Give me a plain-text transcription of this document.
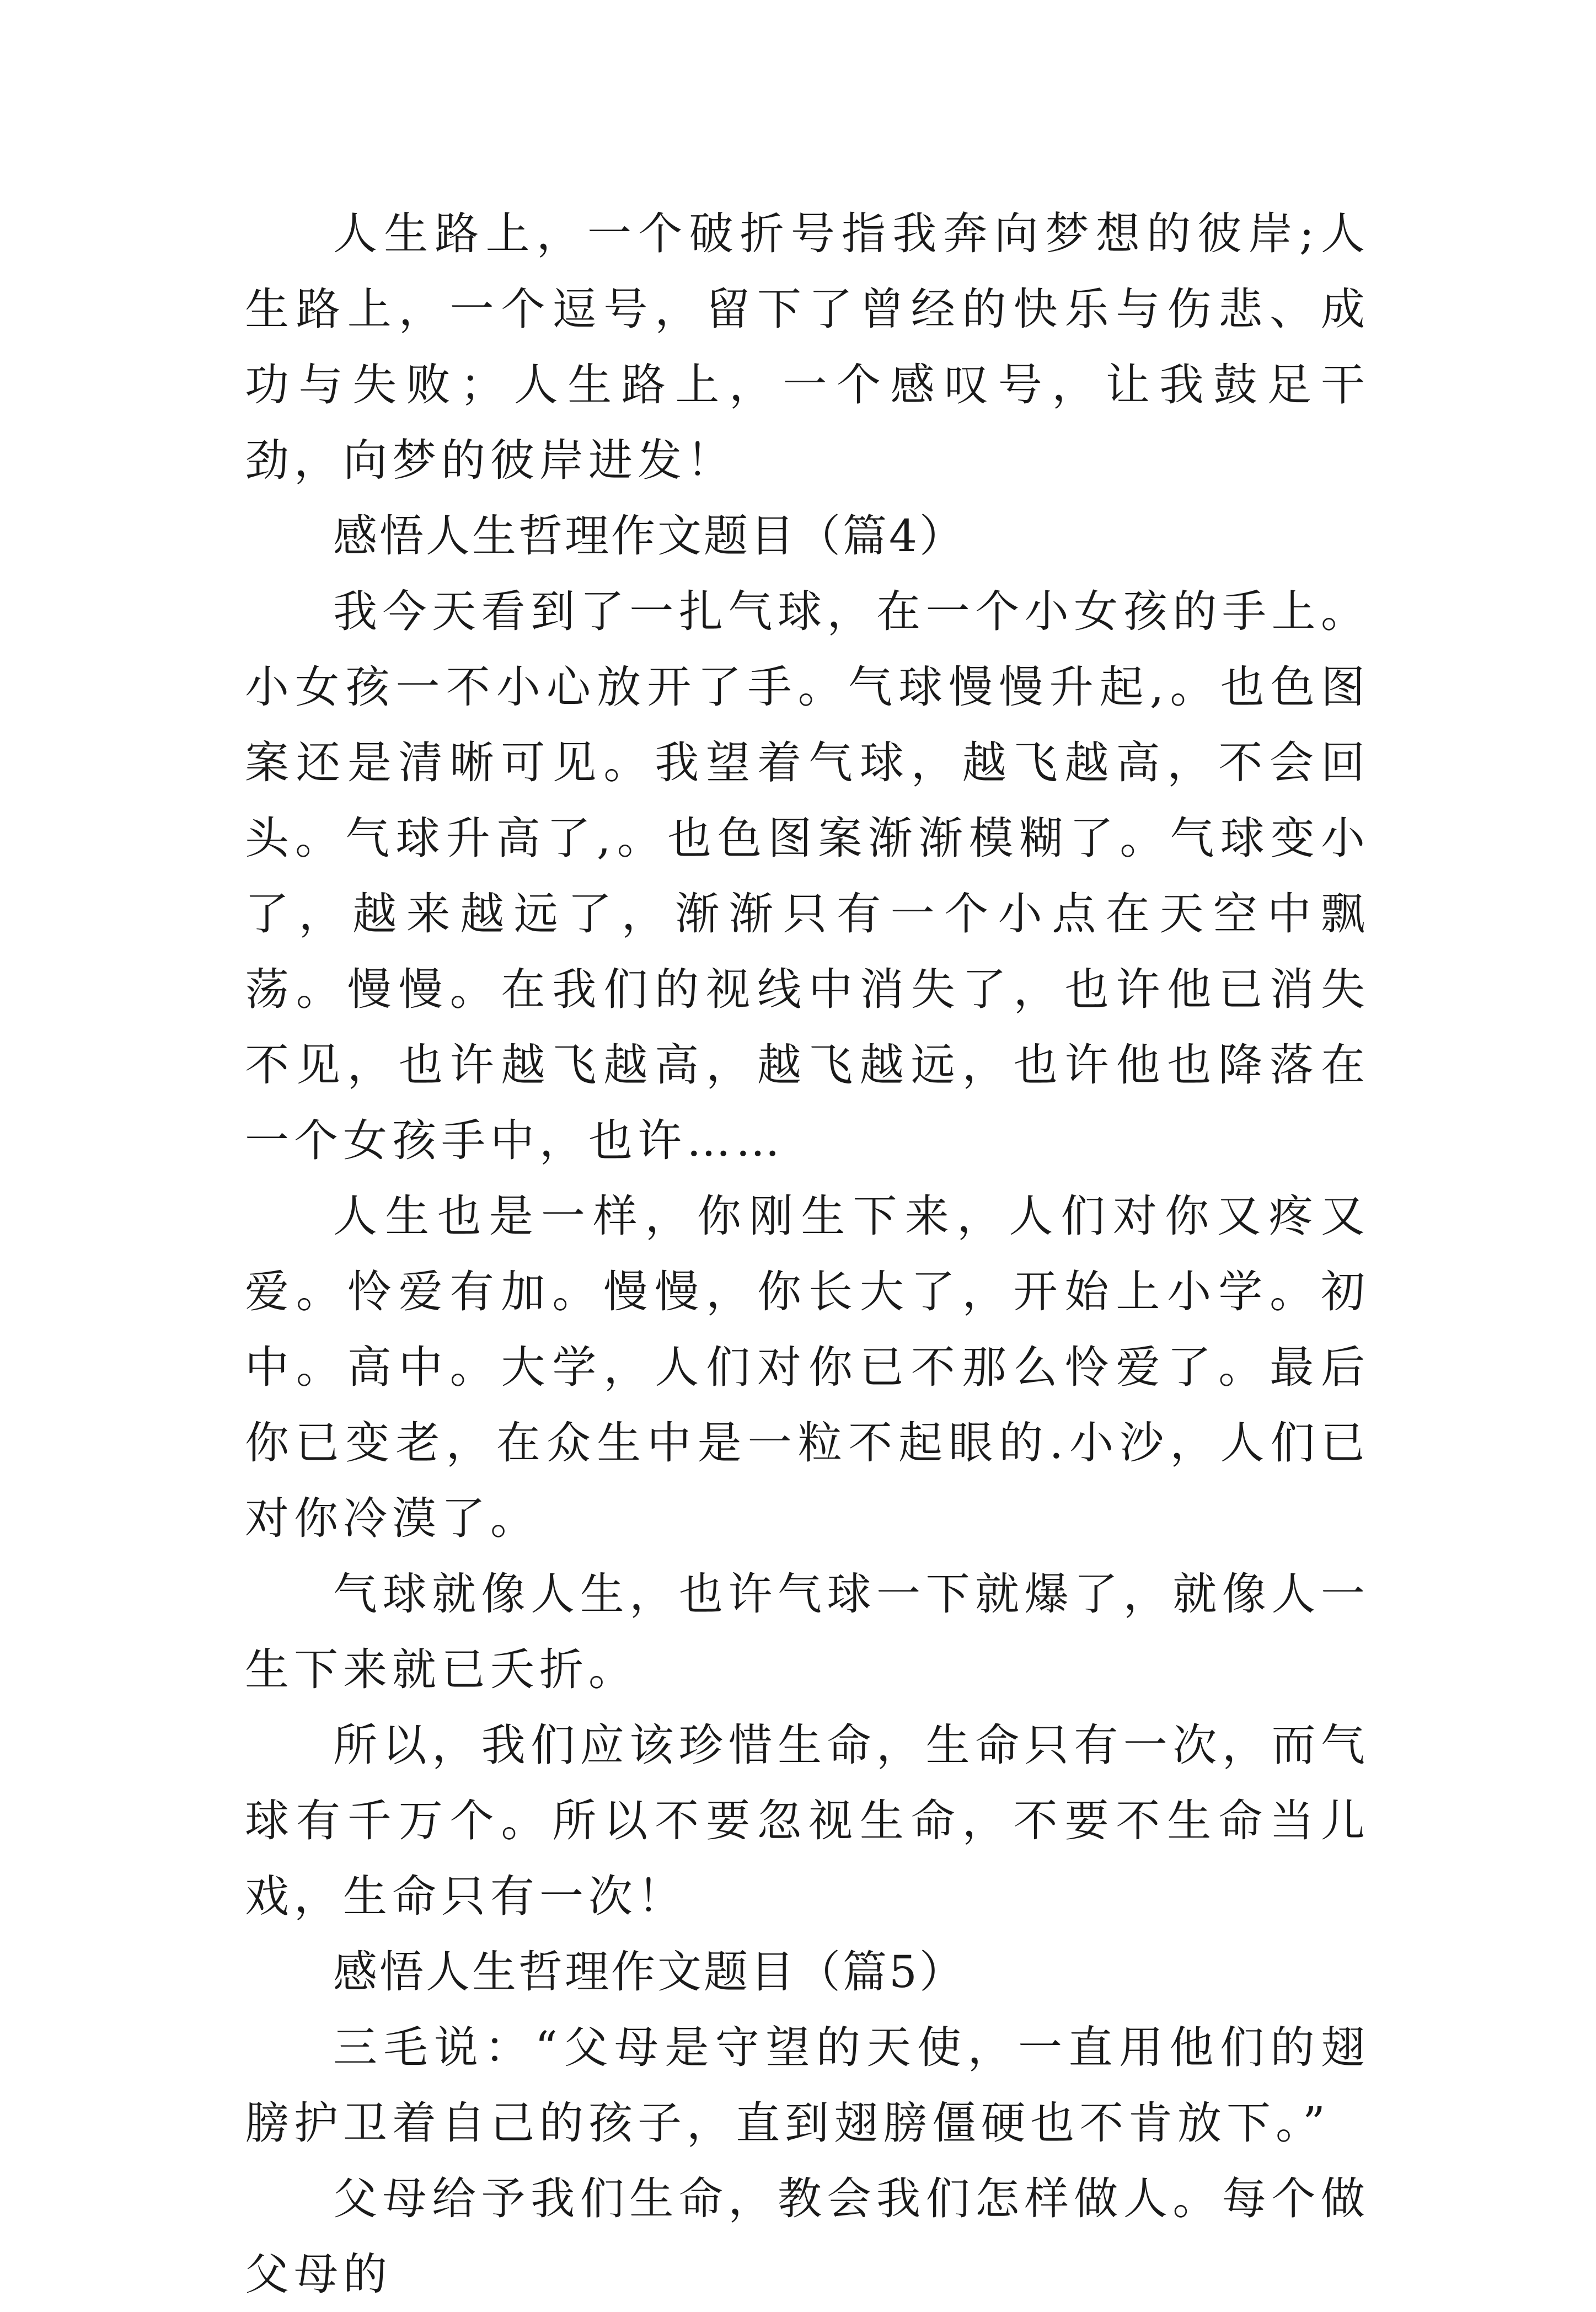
人生路上，一个破折号指我奔向梦想的彼岸;人生路上，一个逗号，留下了曾经的快乐与伤悲、成功与失败；人生路上，一个感叹号，让我鼓足干劲，向梦的彼岸进发！

感悟人生哲理作文题目（篇4）

我今天看到了一扎气球，在一个小女孩的手上。小女孩一不小心放开了手。气球慢慢升起,。也色图案还是清晰可见。我望着气球，越飞越高，不会回头。气球升高了,。也色图案渐渐模糊了。气球变小了，越来越远了，渐渐只有一个小点在天空中飘荡。慢慢。在我们的视线中消失了，也许他已消失不见，也许越飞越高，越飞越远，也许他也降落在一个女孩手中，也许……

人生也是一样，你刚生下来，人们对你又疼又爱。怜爱有加。慢慢，你长大了，开始上小学。初中。高中。大学，人们对你已不那么怜爱了。最后你已变老，在众生中是一粒不起眼的.小沙，人们已对你冷漠了。

气球就像人生，也许气球一下就爆了，就像人一生下来就已夭折。

所以，我们应该珍惜生命，生命只有一次，而气球有千万个。所以不要忽视生命，不要不生命当儿戏，生命只有一次！

感悟人生哲理作文题目（篇5）

三毛说：“父母是守望的天使，一直用他们的翅膀护卫着自己的孩子，直到翅膀僵硬也不肯放下。”

父母给予我们生命，教会我们怎样做人。每个做父母的
